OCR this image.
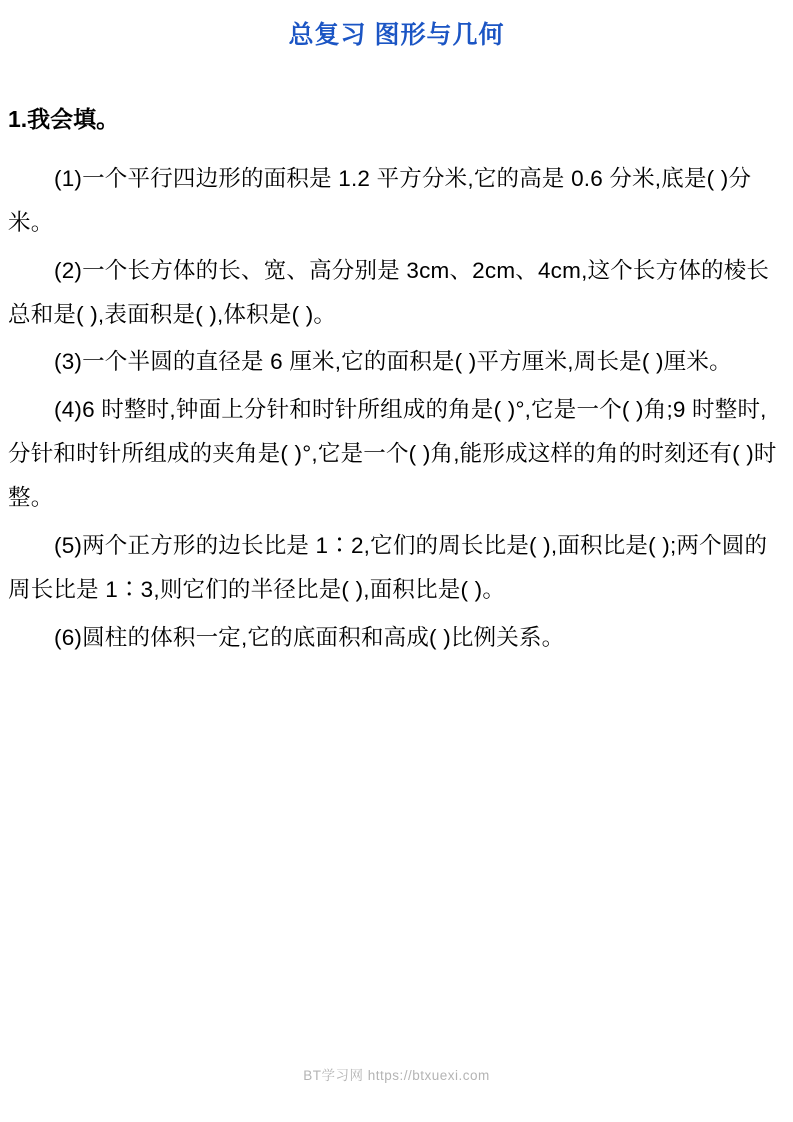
总复习 图形与几何
1.我会填。

(1)一个平行四边形的面积是 1.2 平方分米,它的高是 0.6 分米,底是( )分米。

(2)一个长方体的长、宽、高分别是 3cm、2cm、4cm,这个长方体的棱长总和是( ),表面积是( ),体积是( )。

(3)一个半圆的直径是 6 厘米,它的面积是( )平方厘米,周长是( )厘米。

(4)6 时整时,钟面上分针和时针所组成的角是( )°,它是一个( )角;9 时整时,分针和时针所组成的夹角是( )°,它是一个( )角,能形成这样的角的时刻还有( )时整。

(5)两个正方形的边长比是 1∶2,它们的周长比是( ),面积比是( );两个圆的周长比是 1∶3,则它们的半径比是( ),面积比是( )。

(6)圆柱的体积一定,它的底面积和高成( )比例关系。

BT学习网 https://btxuexi.com
